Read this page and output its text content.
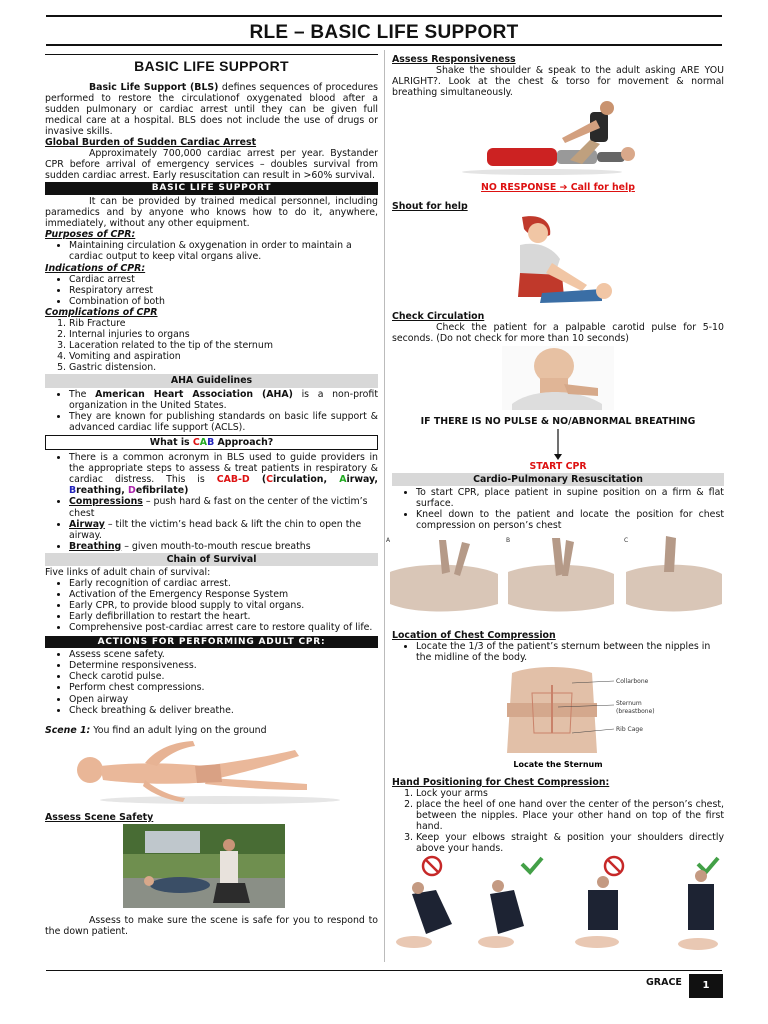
RLE – BASIC LIFE SUPPORT
BASIC LIFE SUPPORT

Basic Life Support (BLS) defines sequences of procedures performed to restore the circulationof oxygenated blood after a sudden pulmonary or cardiac arrest until they can be given full medical care at a hospital. BLS does not include the use of drugs or invasive skills.

Global Burden of Sudden Cardiac Arrest

Approximately 700,000 cardiac arrest per year. Bystander CPR before arrival of emergency services – doubles survival from sudden cardiac arrest. Early resuscitation can result in >60% survival.

BASIC LIFE SUPPORT

It can be provided by trained medical personnel, including paramedics and by anyone who knows how to do it, anywhere, immediately, without any other equipment.

Purposes of CPR:
• Maintaining circulation & oxygenation in order to maintain a cardiac output to keep vital organs alive.
Indications of CPR:
• Cardiac arrest
• Respiratory arrest
• Combination of both
Complications of CPR
1. Rib Fracture
2. Internal injuries to organs
3. Laceration related to the tip of the sternum
4. Vomiting and aspiration
5. Gastric distension.
AHA Guidelines
• The American Heart Association (AHA) is a non-profit organization in the United States.
• They are known for publishing standards on basic life support & advanced cardiac life support (ACLS).
What is CAB Approach?
• There is a common acronym in BLS used to guide providers in the appropriate steps to assess & treat patients in respiratory & cardiac distress. This is CAB-D (Circulation, Airway, Breathing, Defibrilate)
• Compressions – push hard & fast on the center of the victim’s chest
• Airway – tilt the victim’s head back & lift the chin to open the airway.
• Breathing – given mouth-to-mouth rescue breaths
Chain of Survival
Five links of adult chain of survival:
• Early recognition of cardiac arrest.
• Activation of the Emergency Response System
• Early CPR, to provide blood supply to vital organs.
• Early defibrillation to restart the heart.
• Comprehensive post-cardiac arrest care to restore quality of life.
ACTIONS FOR PERFORMING ADULT CPR:
• Assess scene safety.
• Determine responsiveness.
• Check carotid pulse.
• Perform chest compressions.
• Open airway
• Check breathing & deliver breathe.
Scene 1: You find an adult lying on the ground
Assess Scene Safety

Assess to make sure the scene is safe for you to respond to the down patient.

Assess Responsiveness

Shake the shoulder & speak to the adult asking ARE YOU ALRIGHT?. Look at the chest & torso for movement & normal breathing simultaneously.

NO RESPONSE ➔ Call for help
Shout for help
Check Circulation

Check the patient for a palpable carotid pulse for 5-10 seconds. (Do not check for more than 10 seconds)

IF THERE IS NO PULSE & NO/ABNORMAL BREATHING
START CPR
Cardio-Pulmonary Resuscitation
• To start CPR, place patient in supine position on a firm & flat surface.
• Kneel down to the patient and locate the position for chest compression on person’s chest
A	B	C
Location of Chest Compression
• Locate the 1/3 of the patient’s sternum between the nipples in the midline of the body.
Collarbone
Sternum
(breastbone)
Rib Cage
Locate the Sternum
Hand Positioning for Chest Compression:
1. Lock your arms
2. place the heel of one hand over the center of the person’s chest, between the nipples. Place your other hand on top of the first hand.
3. Keep your elbows straight & position your shoulders directly above your hands.
GRACE	1
